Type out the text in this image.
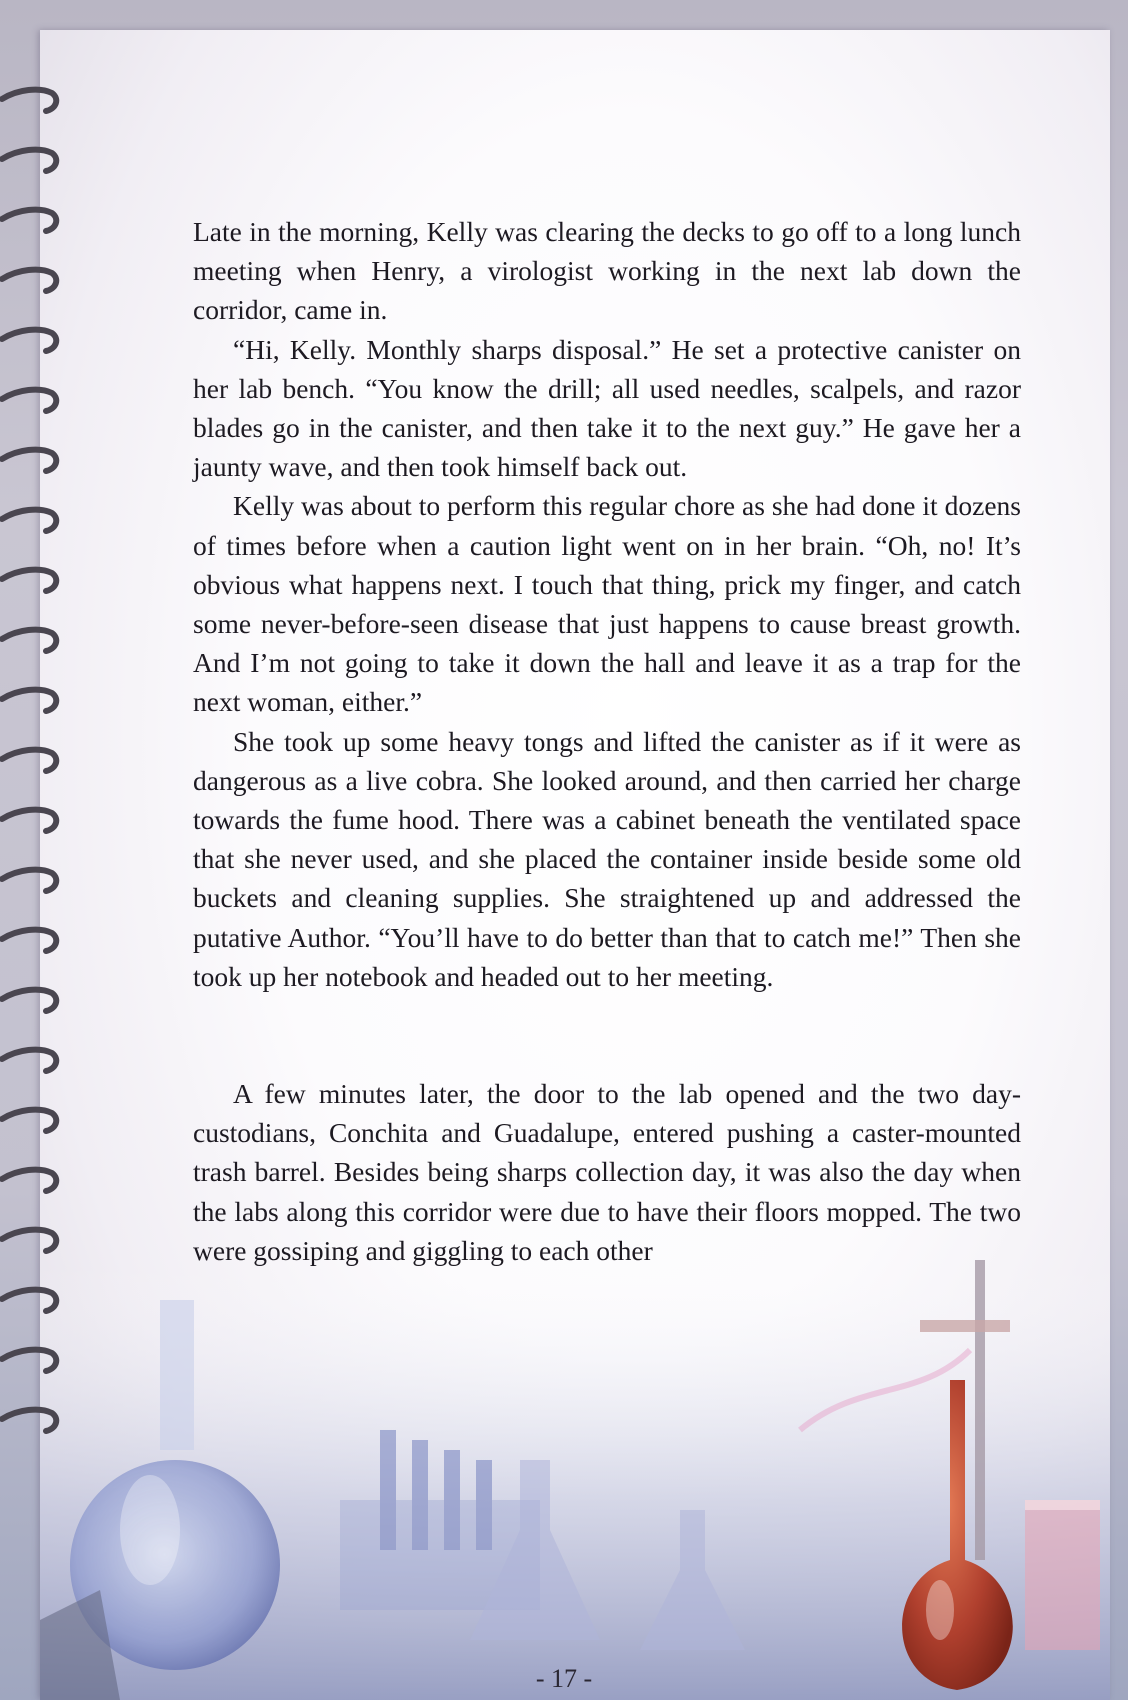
Late in the morning, Kelly was clearing the decks to go off to a long lunch meeting when Henry, a virologist working in the next lab down the corridor, came in.

“Hi, Kelly. Monthly sharps disposal.” He set a protective canister on her lab bench. “You know the drill; all used needles, scalpels, and razor blades go in the canister, and then take it to the next guy.” He gave her a jaunty wave, and then took himself back out.

Kelly was about to perform this regular chore as she had done it dozens of times before when a caution light went on in her brain. “Oh, no! It’s obvious what happens next. I touch that thing, prick my finger, and catch some never-before-seen disease that just happens to cause breast growth. And I’m not going to take it down the hall and leave it as a trap for the next woman, either.”

She took up some heavy tongs and lifted the canister as if it were as dangerous as a live cobra. She looked around, and then carried her charge towards the fume hood. There was a cabinet beneath the ventilated space that she never used, and she placed the container inside beside some old buckets and cleaning supplies. She straightened up and addressed the putative Author. “You’ll have to do better than that to catch me!” Then she took up her notebook and headed out to her meeting.

A few minutes later, the door to the lab opened and the two day-custodians, Conchita and Guadalupe, entered pushing a caster-mounted trash barrel. Besides being sharps collection day, it was also the day when the labs along this corridor were due to have their floors mopped. The two were gossiping and giggling to each other

- 17 -
